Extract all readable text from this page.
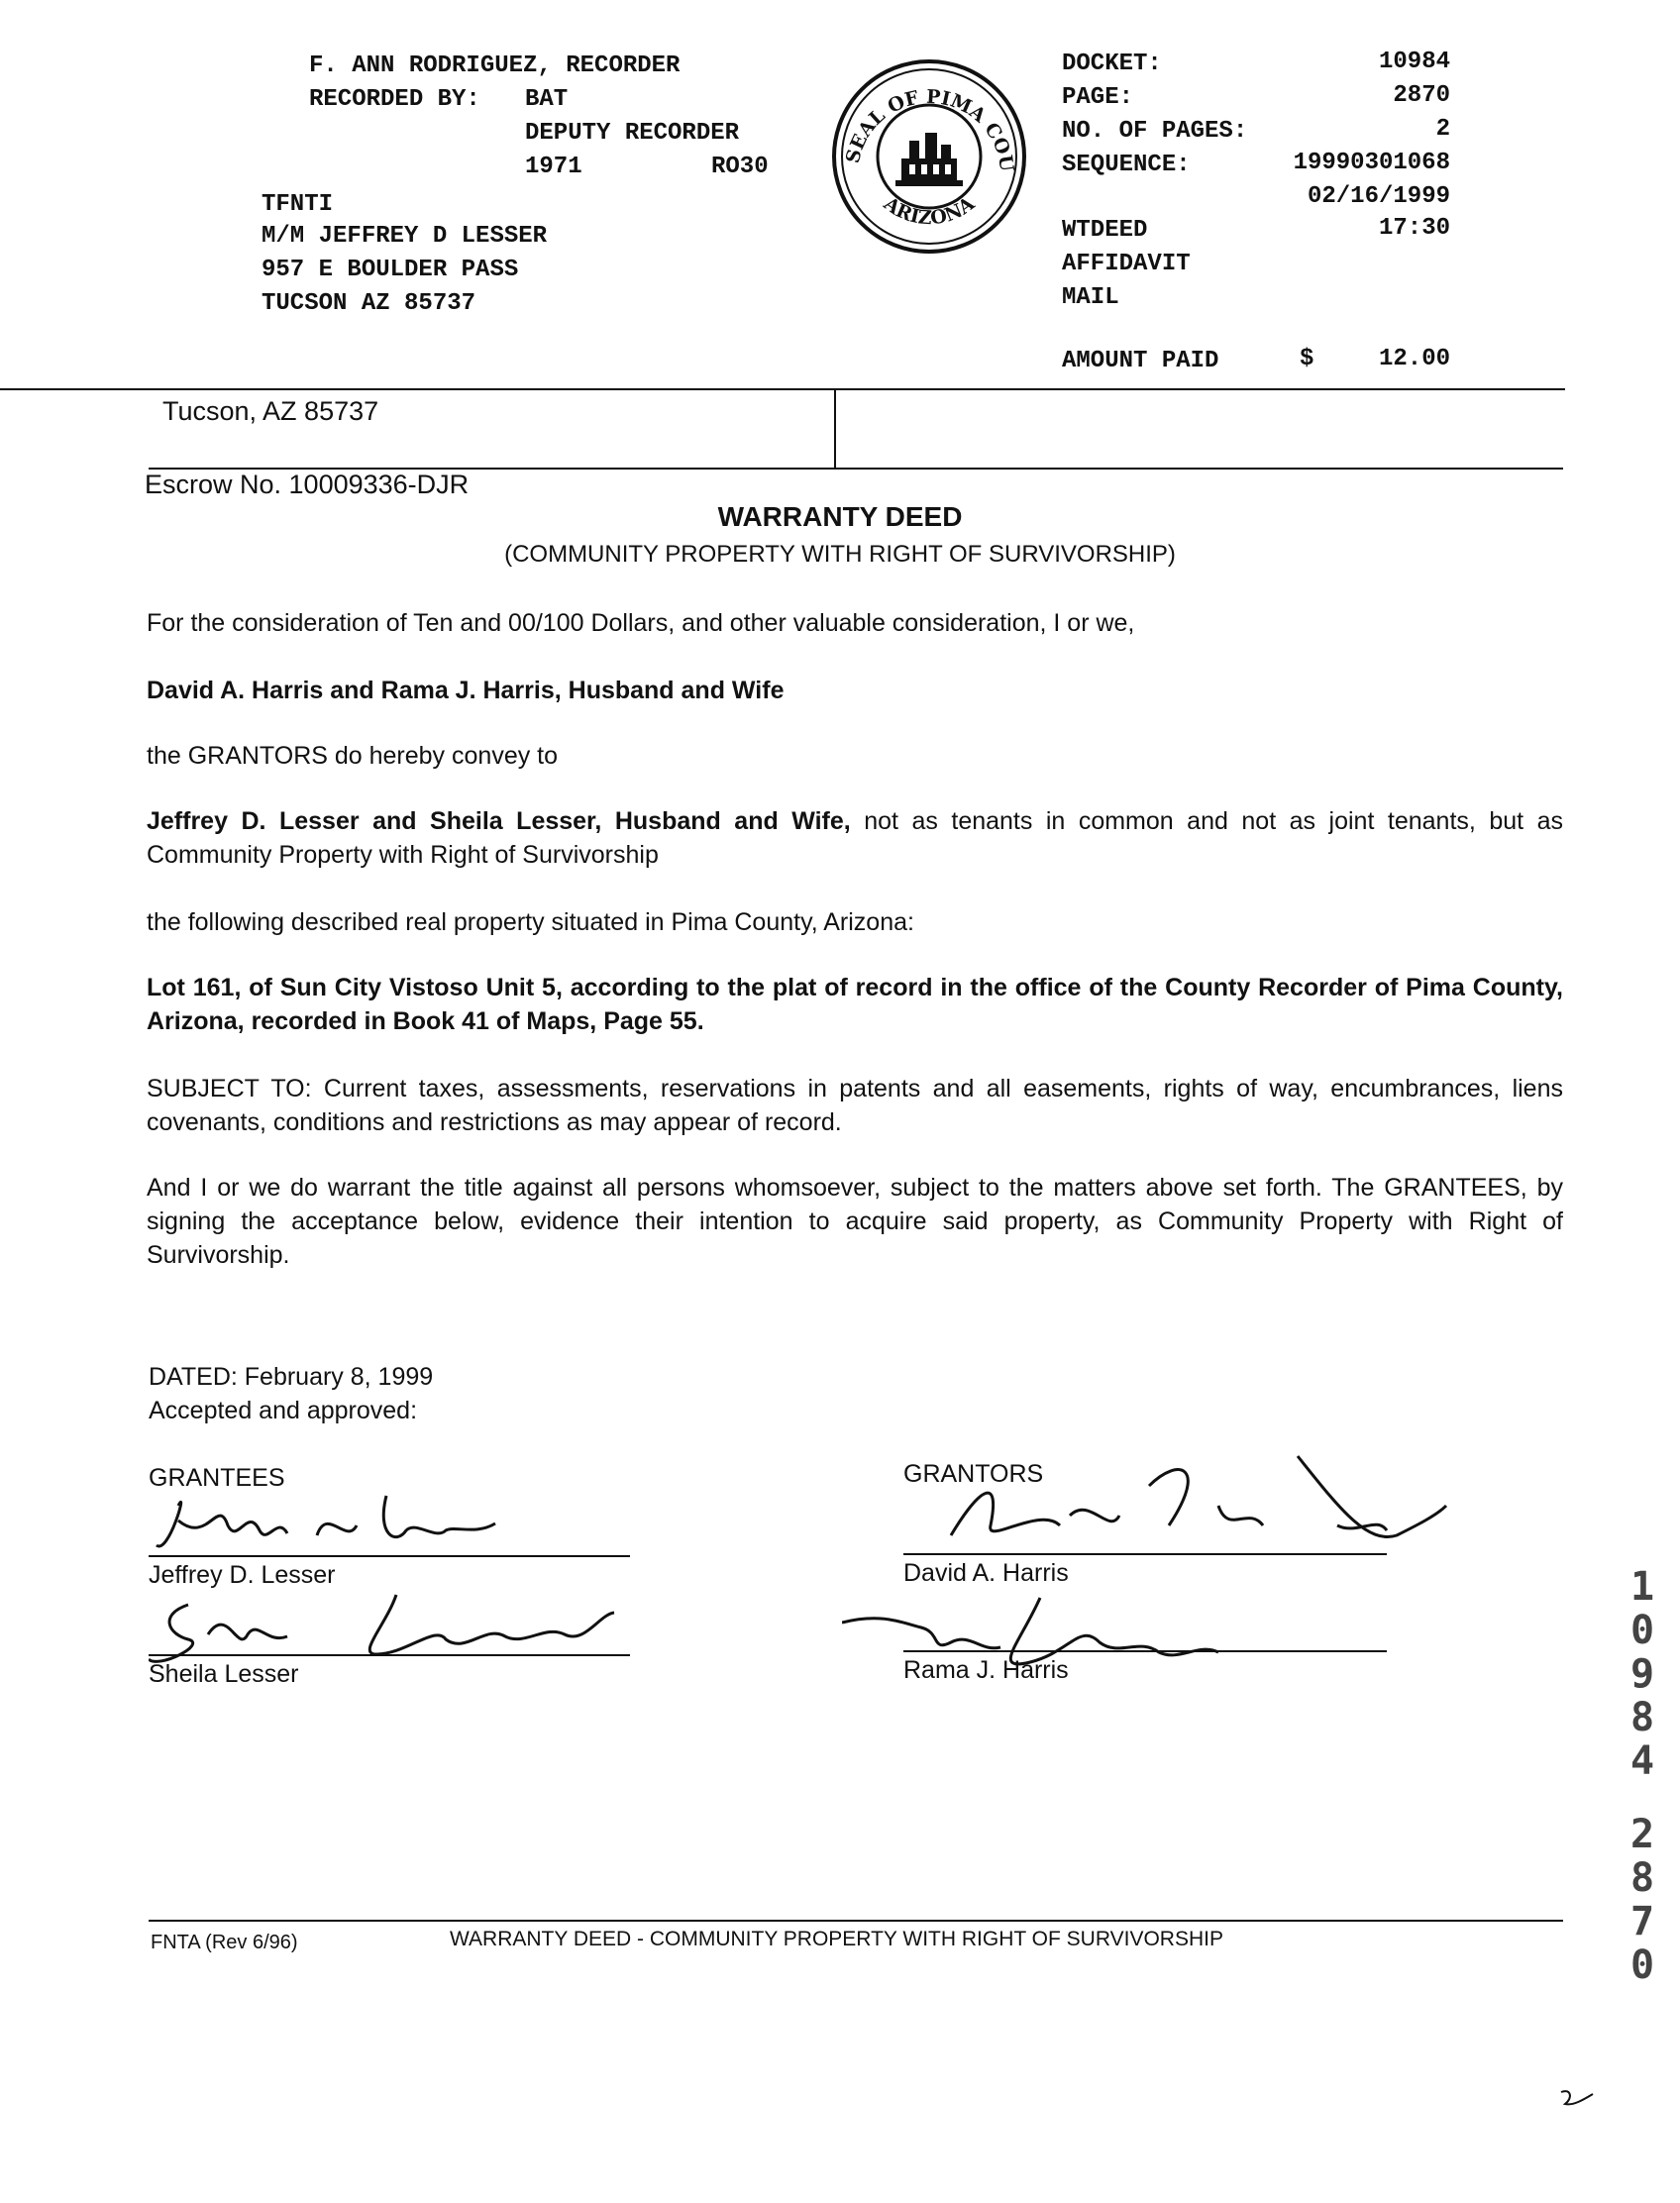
F. ANN RODRIGUEZ, RECORDER
RECORDED BY: BAT
DEPUTY RECORDER
1971	RO30
TFNTI
M/M JEFFREY D LESSER
957 E BOULDER PASS
TUCSON AZ 85737
SEAL OF PIMA COU
ARIZONA
DOCKET:	10984
PAGE:	2870
NO. OF PAGES:	2
SEQUENCE:	19990301068
02/16/1999
WTDEED	17:30
AFFIDAVIT
MAIL
AMOUNT PAID	$	12.00
Tucson, AZ 85737
Escrow No. 10009336-DJR
WARRANTY DEED
(COMMUNITY PROPERTY WITH RIGHT OF SURVIVORSHIP)

For the consideration of Ten and 00/100 Dollars, and other valuable consideration, I or we,

David A. Harris and Rama J. Harris, Husband and Wife

the GRANTORS do hereby convey to

Jeffrey D. Lesser and Sheila Lesser, Husband and Wife, not as tenants in common and not as joint tenants, but as Community Property with Right of Survivorship

the following described real property situated in Pima County, Arizona:

Lot 161, of Sun City Vistoso Unit 5, according to the plat of record in the office of the County Recorder of Pima County, Arizona, recorded in Book 41 of Maps, Page 55.

SUBJECT TO: Current taxes, assessments, reservations in patents and all easements, rights of way, encumbrances, liens covenants, conditions and restrictions as may appear of record.

And I or we do warrant the title against all persons whomsoever, subject to the matters above set forth. The GRANTEES, by signing the acceptance below, evidence their intention to acquire said property, as Community Property with Right of Survivorship.

DATED: February 8, 1999
Accepted and approved:
GRANTEES
Jeffrey D. Lesser
Sheila Lesser
GRANTORS
David A. Harris
Rama J. Harris
1
0
9
8
4
2
8
7
0
FNTA (Rev 6/96)	WARRANTY DEED - COMMUNITY PROPERTY WITH RIGHT OF SURVIVORSHIP
